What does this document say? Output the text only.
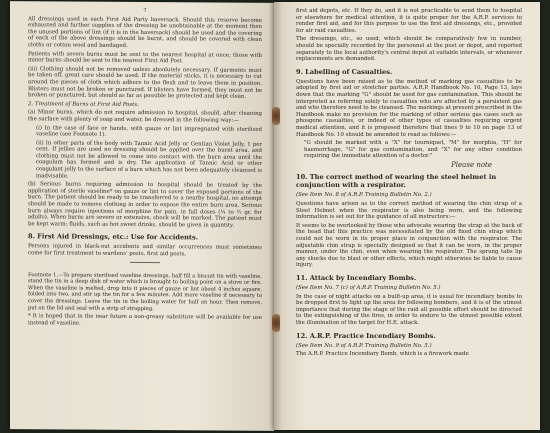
7

All dressings used in each First Aid Party haversack. Should this reserve become exhausted and further supplies of the dressing be unobtainable at the moment then the unused portions of lint (if it is in the haversack) should be used and the covering of each of the above dressings should be burnt, and should be covered with clean cloths or cotton wool and bandaged.

Patients with severe burns must be sent to the nearest hospital at once; those with minor burns should be sent to the nearest First Aid Post.

(iii) Clothing should not be removed unless absolutely necessary. If garments must be taken off, great care should be used. If the material sticks, it is necessary to cut around the pieces of cloth which adhere to the flesh and to leave them in position. Blisters must not be broken or punctured. If blisters have formed, they must not be broken or punctured, but should as far as possible be protected and kept clean.

2. Treatment of Burns at First Aid Posts.

(a) Minor burns, which do not require admission to hospital, should, after cleaning the surface with plenty of soap and water, be dressed in the following way:—

(i) In the case of face or hands, with gauze or lint impregnated with sterilised vaseline (see Footnote 1).

(ii) In other parts of the body with Tannic Acid Jelly or Gentian Violet Jelly, 1 per cent. If jellies are used no dressing should be applied over the burnt area, and clothing must not be allowed to come into contact with the burn area until the coagulum has formed and is dry. The application of Tannic Acid or other coagulant jelly to the surface of a burn which has not been adequately cleansed is inadvisable.

(b) Serious burns requiring admission to hospital should be treated by the application of sterile vaseline* on gauze or lint to cover the exposed portions of the burn. The patient should be ready to be transferred to a nearby hospital, no attempt should be made to remove clothing in order to expose the entire burn area. Serious burn always require injections of morphine for pain, in full doses (¼ to ½ gr. for adults). When burns are severe or extensive, shock will be marked. The patient must be kept warm; fluids, such as hot sweet drinks, should be given in quantity.

8. First Aid Dressings, etc.: Use for Accidents.

Persons injured in black-out accidents and similar occurrences must sometimes come for first treatment to wardens' posts, first aid posts,

Footnote 1.—To prepare sterilised vaseline dressings, half fill a biscuit tin with vaseline, stand the tin in a deep dish of water which is brought to boiling point on a stove or fire. When the vaseline is melted, drop into it pieces of gauze or lint about 4 inches square, folded into two, and stir up the tin for a few minutes. Add more vaseline if necessary to cover the dressings. Leave the tin in the boiling water for half an hour. Then remove, put on the lid and seal with a strip of strapping.

* It is hoped that in the near future a non-greasy substitute will be available for use instead of vaseline.

first aid depots, etc. If they do, and it is not practicable to send them to hospital or elsewhere for medical attention, it is quite proper for the A.R.P. services to render first aid, and for this purpose to use the first aid dressings, etc., provided for air raid casualties.

The dressings, etc., so used, which should be comparatively few in number, should be specially recorded by the personnel at the post or depot, and reported separately to the local authority's central depot at suitable intervals, or whenever replacements are demanded.

9. Labelling of Casualties.

Questions have been raised as to the method of marking gas casualties to be adopted by first aid or stretcher parties. A.R.P. Handbook No. 10, Page 13, lays down that the marking "G" should be used for gas contamination. This should be interpreted as referring solely to casualties who are affected by a persistent gas and who therefore need to be cleansed. The markings at present prescribed in the Handbook make no provision for the marking of other serious gas cases such as phosgene casualties, or indeed of other types of casualties requiring urgent medical attention, and it is proposed therefore that lines 9 to 10 on page 13 of Handbook No. 10 should be amended to read as follows:—

"G should be marked with a "X" for tourniquet, "M" for morphia, "H" for haemorrhage, "G" for gas contamination, and "X" for any other condition requiring the immediate attention of a doctor."

Please note
10. The correct method of wearing the steel helmet in conjunction with a respirator.
(See Item No. 8 of A.R.P. Training Bulletin No. 2.)

Questions have arisen as to the correct method of wearing the chin strap of a Steel Helmet when the respirator is also being worn, and the following information is set out for the guidance of all instructors:—

It seems to be overlooked by those who advocate wearing the strap at the back of the head that this practice was necessitated by the old fixed chin strap which could not be worn in its proper place in conjunction with the respirator. The adjustable chin strap is specially designed so that it can be worn, in the proper manner, under the chin, even when wearing the respirator. The sprung tabs lip any shocks due to blast or other effects, which might otherwise be liable to cause injury.

11. Attack by Incendiary Bombs.
(See Item No. 7 (c) of A.R.P. Training Bulletin No. 5.)

In the case of night attacks on a built-up area, it is usual for incendiary bombs to be dropped first to light up the area for following bombers, and it is of the utmost importance that during the stage of the raid all possible effort should be directed to the extinguishing of the fires, in order to endure to the utmost possible extent the illumination of the target for H.E. attack.

12. A.R.P. Practice Incendiary Bombs.
(See Item No. 9 of A.R.P. Training Bulletin No. 5.)

The A.R.P. Practice Incendiary Bomb, which is a firework made
